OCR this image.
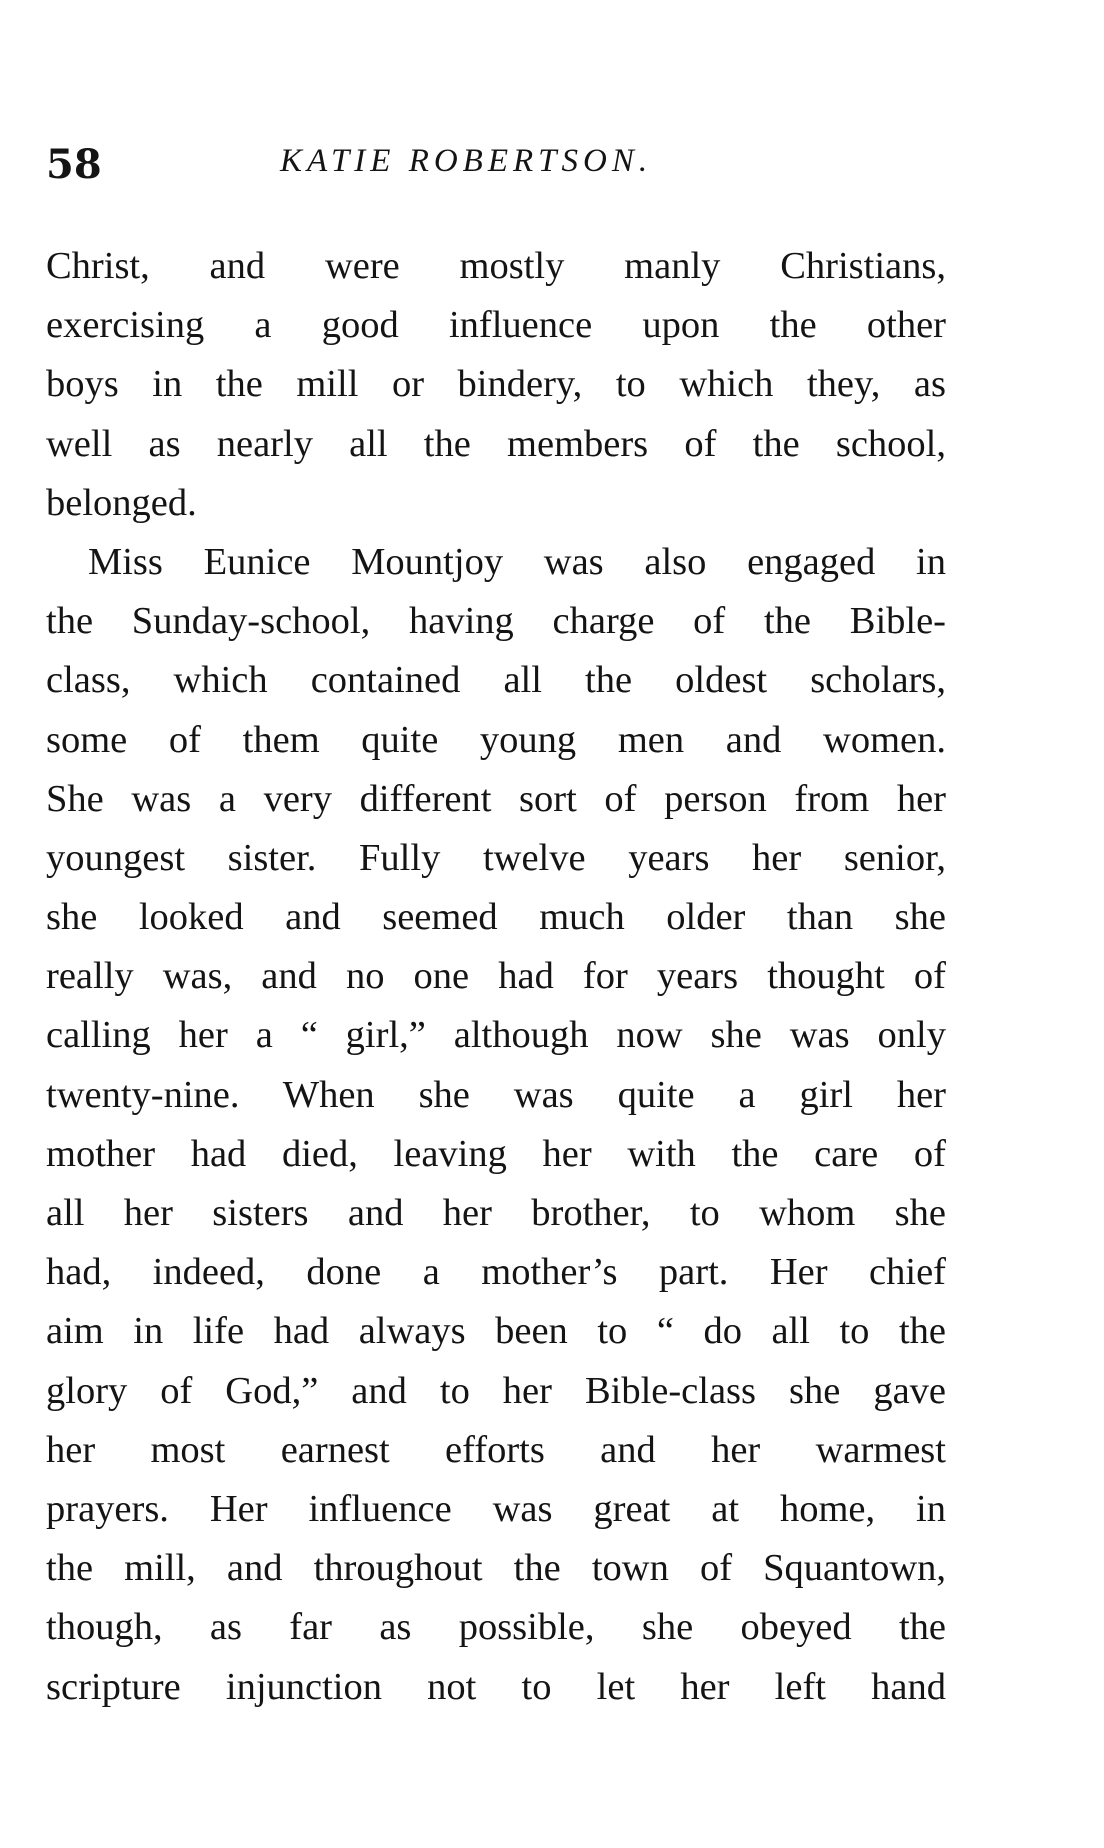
58	KATIE ROBERTSON.
Christ, and were mostly manly Christians,
exercising a good influence upon the other
boys in the mill or bindery, to which they, as
well as nearly all the members of the school,
belonged.
Miss Eunice Mountjoy was also engaged in
the Sunday-school, having charge of the Bible-
class, which contained all the oldest scholars,
some of them quite young men and women.
She was a very different sort of person from her
youngest sister. Fully twelve years her senior,
she looked and seemed much older than she
really was, and no one had for years thought of
calling her a “ girl,” although now she was only
twenty-nine. When she was quite a girl her
mother had died, leaving her with the care of
all her sisters and her brother, to whom she
had, indeed, done a mother’s part. Her chief
aim in life had always been to “ do all to the
glory of God,” and to her Bible-class she gave
her most earnest efforts and her warmest
prayers. Her influence was great at home, in
the mill, and throughout the town of Squantown,
though, as far as possible, she obeyed the
scripture injunction not to let her left hand
